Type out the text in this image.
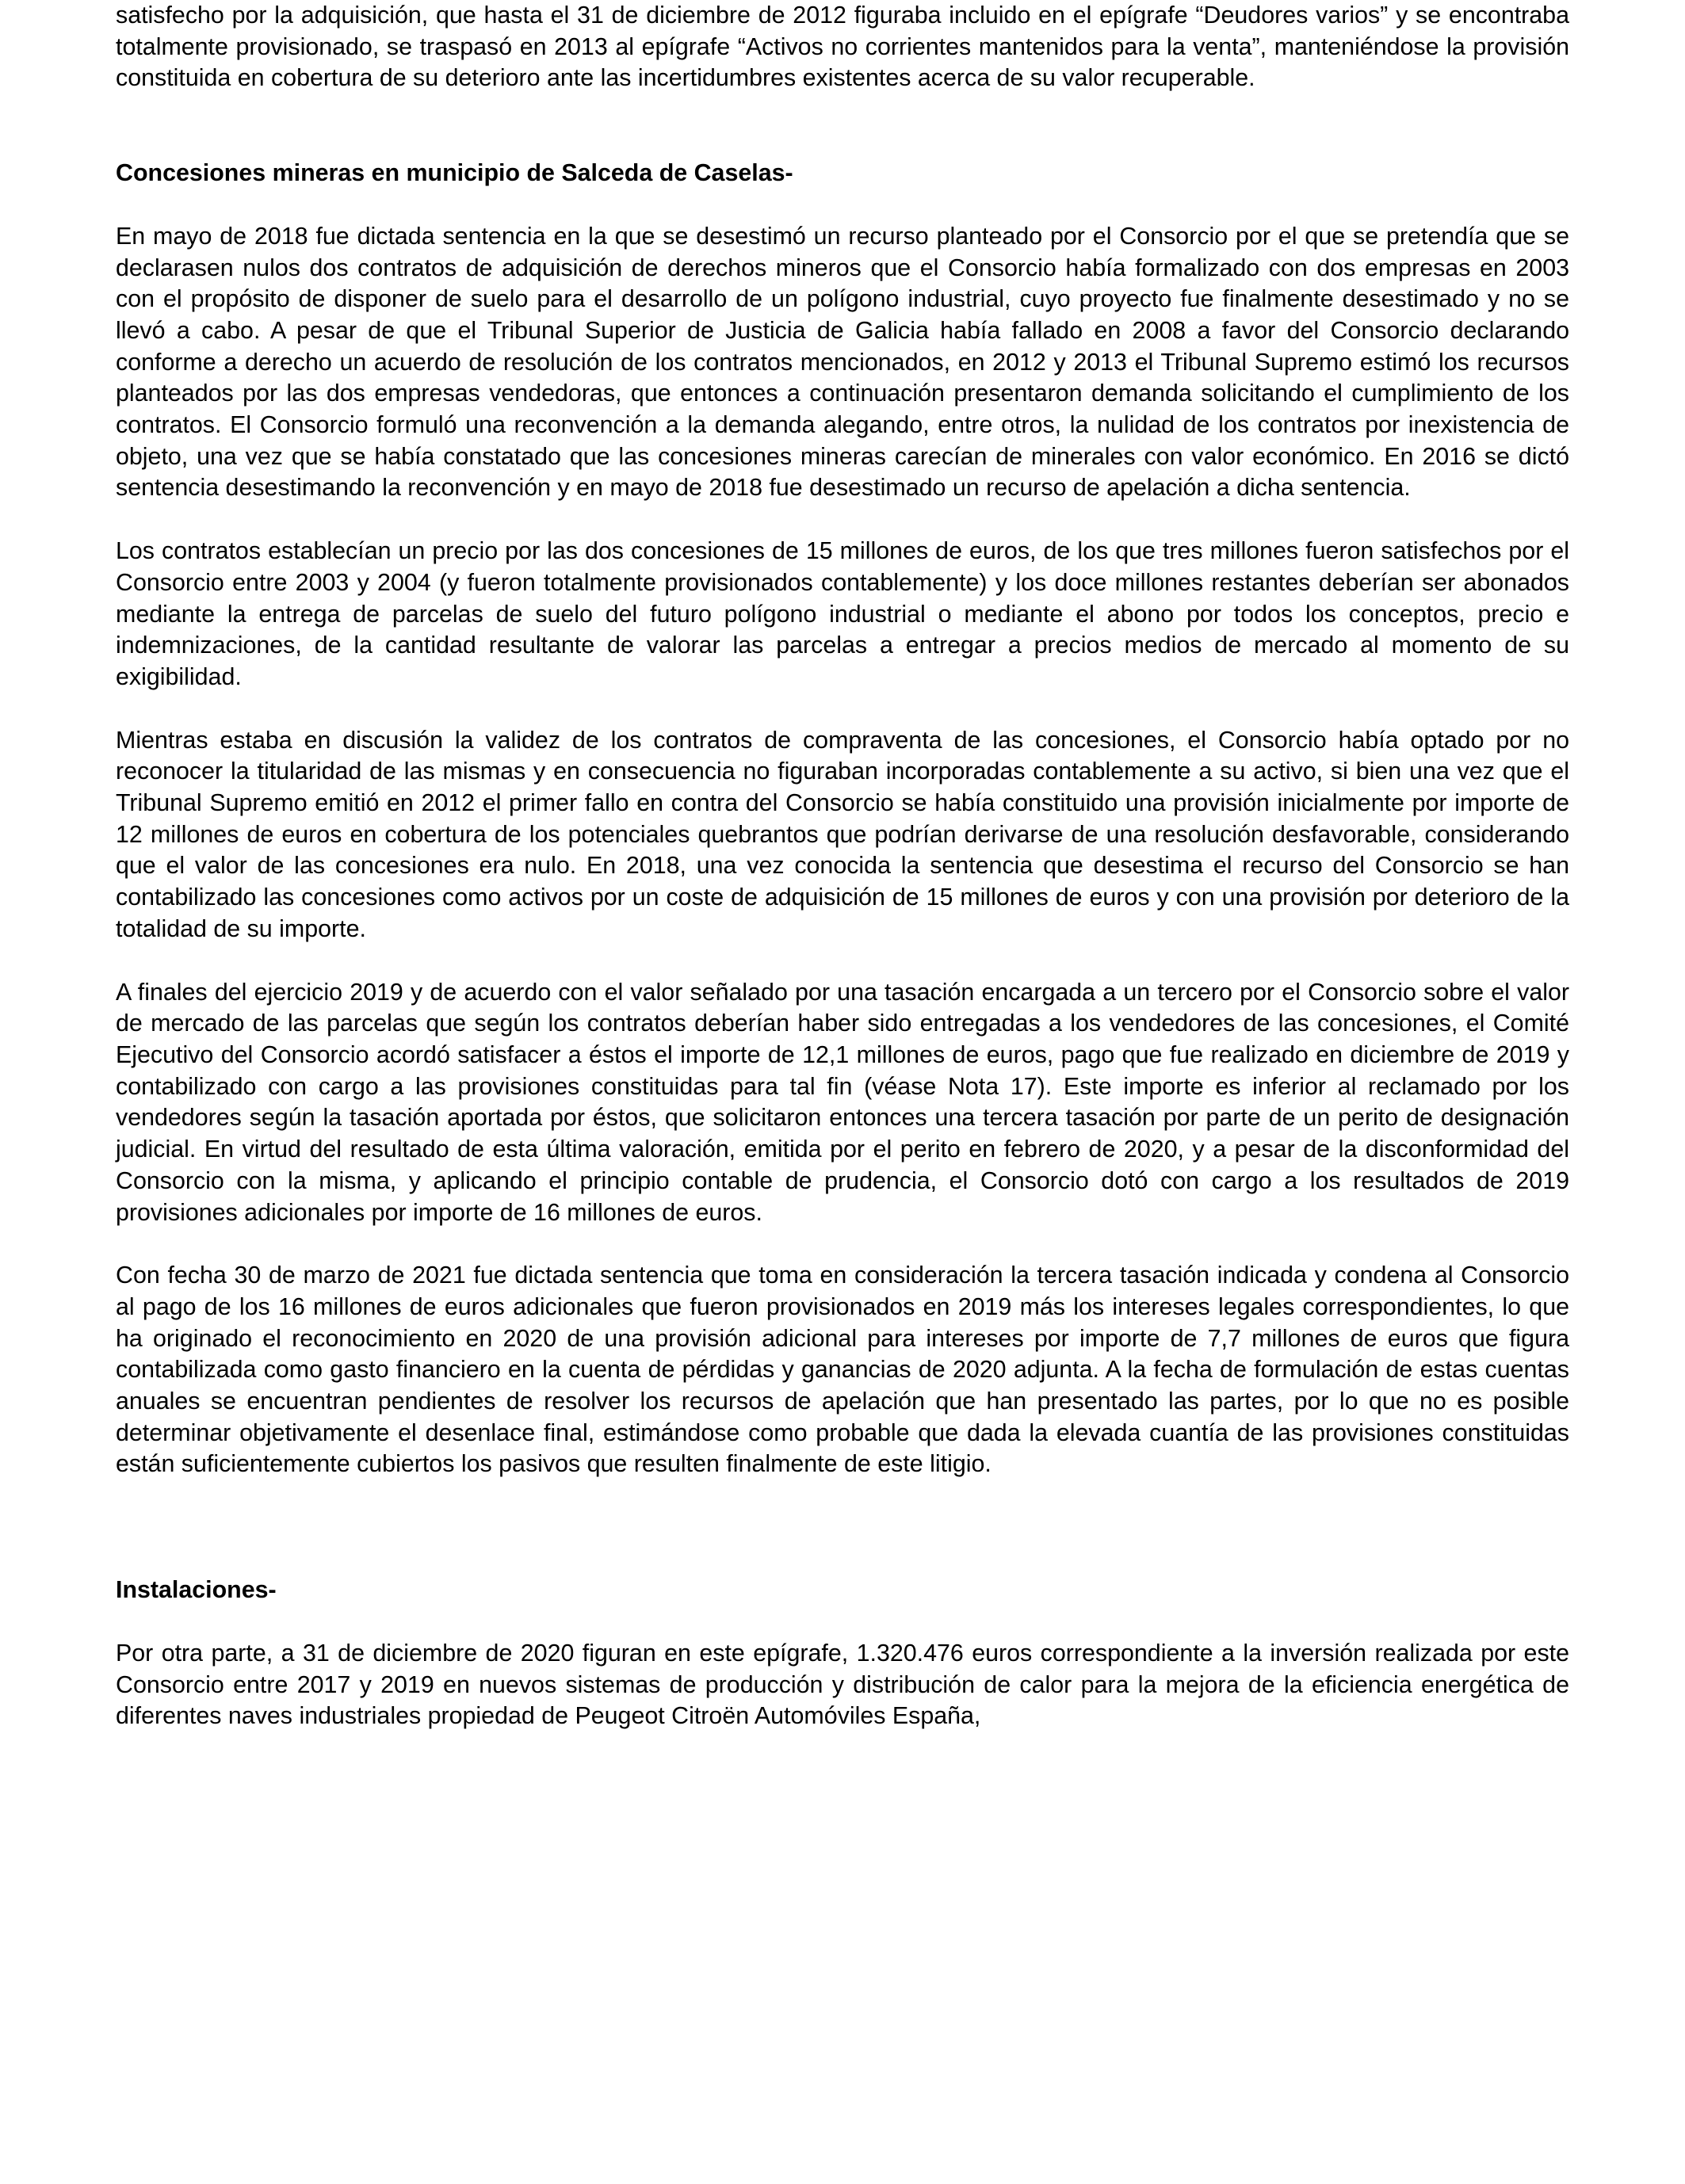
satisfecho por la adquisición, que hasta el 31 de diciembre de 2012 figuraba incluido en el epígrafe “Deudores varios” y se encontraba totalmente provisionado, se traspasó en 2013 al epígrafe “Activos no corrientes mantenidos para la venta”, manteniéndose la provisión constituida en cobertura de su deterioro ante las incertidumbres existentes acerca de su valor recuperable.

Concesiones mineras en municipio de Salceda de Caselas-

En mayo de 2018 fue dictada sentencia en la que se desestimó un recurso planteado por el Consorcio por el que se pretendía que se declarasen nulos dos contratos de adquisición de derechos mineros que el Consorcio había formalizado con dos empresas en 2003 con el propósito de disponer de suelo para el desarrollo de un polígono industrial, cuyo proyecto fue finalmente desestimado y no se llevó a cabo. A pesar de que el Tribunal Superior de Justicia de Galicia había fallado en 2008 a favor del Consorcio declarando conforme a derecho un acuerdo de resolución de los contratos mencionados, en 2012 y 2013 el Tribunal Supremo estimó los recursos planteados por las dos empresas vendedoras, que entonces a continuación presentaron demanda solicitando el cumplimiento de los contratos. El Consorcio formuló una reconvención a la demanda alegando, entre otros, la nulidad de los contratos por inexistencia de objeto, una vez que se había constatado que las concesiones mineras carecían de minerales con valor económico. En 2016 se dictó sentencia desestimando la reconvención y en mayo de 2018 fue desestimado un recurso de apelación a dicha sentencia.

Los contratos establecían un precio por las dos concesiones de 15 millones de euros, de los que tres millones fueron satisfechos por el Consorcio entre 2003 y 2004 (y fueron totalmente provisionados contablemente) y los doce millones restantes deberían ser abonados mediante la entrega de parcelas de suelo del futuro polígono industrial o mediante el abono por todos los conceptos, precio e indemnizaciones, de la cantidad resultante de valorar las parcelas a entregar a precios medios de mercado al momento de su exigibilidad.

Mientras estaba en discusión la validez de los contratos de compraventa de las concesiones, el Consorcio había optado por no reconocer la titularidad de las mismas y en consecuencia no figuraban incorporadas contablemente a su activo, si bien una vez que el Tribunal Supremo emitió en 2012 el primer fallo en contra del Consorcio se había constituido una provisión inicialmente por importe de 12 millones de euros en cobertura de los potenciales quebrantos que podrían derivarse de una resolución desfavorable, considerando que el valor de las concesiones era nulo. En 2018, una vez conocida la sentencia que desestima el recurso del Consorcio se han contabilizado las concesiones como activos por un coste de adquisición de 15 millones de euros y con una provisión por deterioro de la totalidad de su importe.

A finales del ejercicio 2019 y de acuerdo con el valor señalado por una tasación encargada a un tercero por el Consorcio sobre el valor de mercado de las parcelas que según los contratos deberían haber sido entregadas a los vendedores de las concesiones, el Comité Ejecutivo del Consorcio acordó satisfacer a éstos el importe de 12,1 millones de euros, pago que fue realizado en diciembre de 2019 y contabilizado con cargo a las provisiones constituidas para tal fin (véase Nota 17). Este importe es inferior al reclamado por los vendedores según la tasación aportada por éstos, que solicitaron entonces una tercera tasación por parte de un perito de designación judicial. En virtud del resultado de esta última valoración, emitida por el perito en febrero de 2020, y a pesar de la disconformidad del Consorcio con la misma, y aplicando el principio contable de prudencia, el Consorcio dotó con cargo a los resultados de 2019 provisiones adicionales por importe de 16 millones de euros.

Con fecha 30 de marzo de 2021 fue dictada sentencia que toma en consideración la tercera tasación indicada y condena al Consorcio al pago de los 16 millones de euros adicionales que fueron provisionados en 2019 más los intereses legales correspondientes, lo que ha originado el reconocimiento en 2020 de una provisión adicional para intereses por importe de 7,7 millones de euros que figura contabilizada como gasto financiero en la cuenta de pérdidas y ganancias de 2020 adjunta. A la fecha de formulación de estas cuentas anuales se encuentran pendientes de resolver los recursos de apelación que han presentado las partes, por lo que no es posible determinar objetivamente el desenlace final, estimándose como probable que dada la elevada cuantía de las provisiones constituidas están suficientemente cubiertos los pasivos que resulten finalmente de este litigio.

Instalaciones-

Por otra parte, a 31 de diciembre de 2020 figuran en este epígrafe, 1.320.476 euros correspondiente a la inversión realizada por este Consorcio entre 2017 y 2019 en nuevos sistemas de producción y distribución de calor para la mejora de la eficiencia energética de diferentes naves industriales propiedad de Peugeot Citroën Automóviles España,
